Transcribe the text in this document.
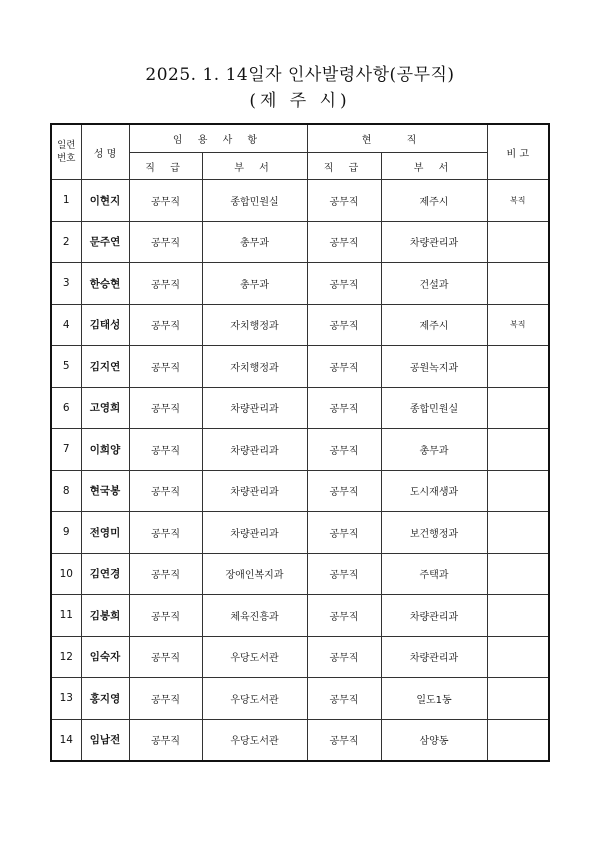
2025. 1. 14일자 인사발령사항(공무직)
(제 주 시)
일련
번호	성 명	임 용 사 항		현 직		비 고
		직 급	부 서	직 급	부 서	
1	이현지	공무직	종합민원실	공무직	제주시	복직
2	문주연	공무직	총무과	공무직	차량관리과	
3	한승현	공무직	총무과	공무직	건설과	
4	김태성	공무직	자치행정과	공무직	제주시	복직
5	김지연	공무직	자치행정과	공무직	공원녹지과	
6	고영희	공무직	차량관리과	공무직	종합민원실	
7	이희양	공무직	차량관리과	공무직	총무과	
8	현국봉	공무직	차량관리과	공무직	도시재생과	
9	전영미	공무직	차량관리과	공무직	보건행정과	
10	김연경	공무직	장애인복지과	공무직	주택과	
11	김봉희	공무직	체육진흥과	공무직	차량관리과	
12	임숙자	공무직	우당도서관	공무직	차량관리과	
13	홍지영	공무직	우당도서관	공무직	일도1동	
14	임남전	공무직	우당도서관	공무직	삼양동	
